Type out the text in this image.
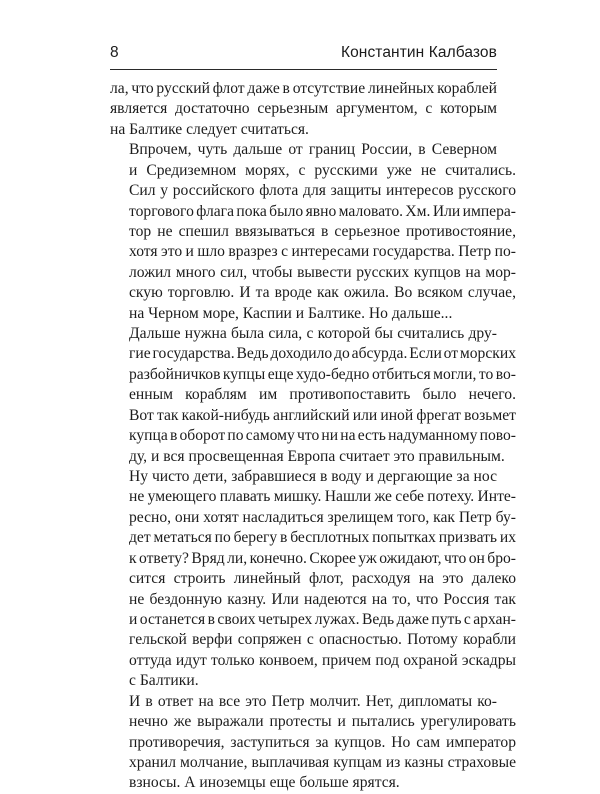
8	Константин Калбазов

ла, что русский флот даже в отсутствие линейных кораблей
является достаточно серьезным аргументом, с которым
на Балтике следует считаться.

Впрочем, чуть дальше от границ России, в Северном
и Средиземном морях, с русскими уже не считались.
Сил у российского флота для защиты интересов русского
торгового флага пока было явно маловато. Хм. Или импера-
тор не спешил ввязываться в серьезное противостояние,
хотя это и шло вразрез с интересами государства. Петр по-
ложил много сил, чтобы вывести русских купцов на мор-
скую торговлю. И та вроде как ожила. Во всяком случае,
на Черном море, Каспии и Балтике. Но дальше...

Дальше нужна была сила, с которой бы считались дру-
гие государства. Ведь доходило до абсурда. Если от морских
разбойничков купцы еще худо-бедно отбиться могли, то во-
енным кораблям им противопоставить было нечего.
Вот так какой-нибудь английский или иной фрегат возьмет
купца в оборот по самому что ни на есть надуманному пово-
ду, и вся просвещенная Европа считает это правильным.

Ну чисто дети, забравшиеся в воду и дергающие за нос
не умеющего плавать мишку. Нашли же себе потеху. Инте-
ресно, они хотят насладиться зрелищем того, как Петр бу-
дет метаться по берегу в бесплотных попытках призвать их
к ответу? Вряд ли, конечно. Скорее уж ожидают, что он бро-
сится строить линейный флот, расходуя на это далеко
не бездонную казну. Или надеются на то, что Россия так
и останется в своих четырех лужах. Ведь даже путь с архан-
гельской верфи сопряжен с опасностью. Потому корабли
оттуда идут только конвоем, причем под охраной эскадры
с Балтики.

И в ответ на все это Петр молчит. Нет, дипломаты ко-
нечно же выражали протесты и пытались урегулировать
противоречия, заступиться за купцов. Но сам император
хранил молчание, выплачивая купцам из казны страховые
взносы. А иноземцы еще больше ярятся.
